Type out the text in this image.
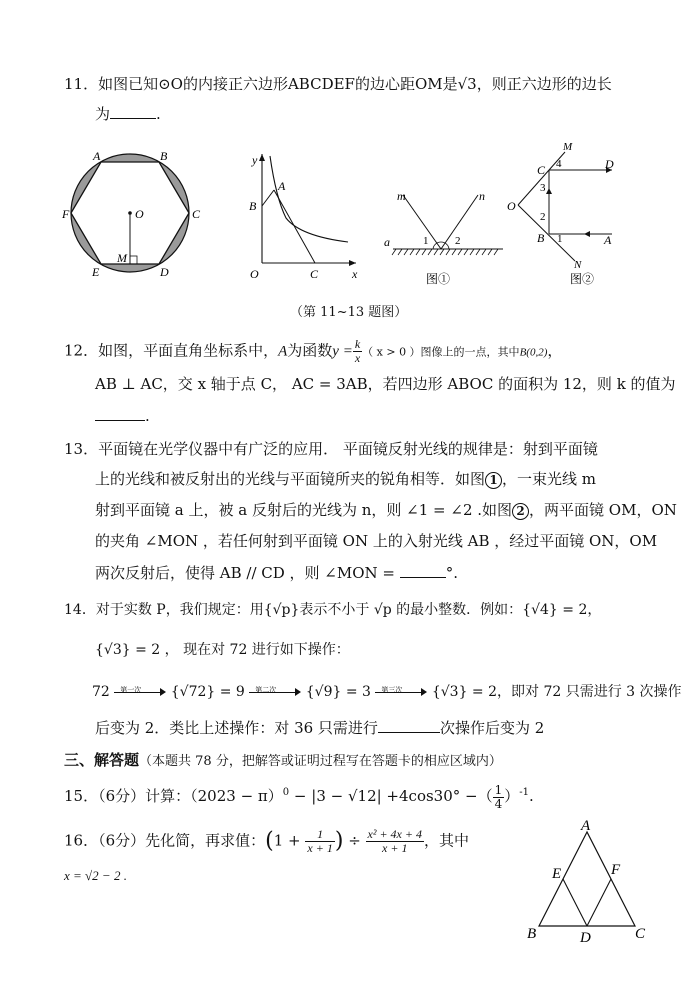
11．如图已知⊙O的内接正六边形ABCDEF的边心距OM是√3，则正六边形的边长
为	.
A	B
C
D
E
F	O
M
y
x
O
A
B
C
m	n
a	1 2
图①
M
C 4	D
3
O
2
B 1	A
N
图②
（第 11~13 题图）
12．如图，平面直角坐标系中，A为函数$y = \frac{k}{x}$ （ x > 0 ）图像上的一点，其中B(0,2)，
AB ⊥ AC，交 x 轴于点 C， AC = 3AB，若四边形 ABOC 的面积为 12，则 k 的值为
.
13．平面镜在光学仪器中有广泛的应用． 平面镜反射光线的规律是：射到平面镜
上的光线和被反射出的光线与平面镜所夹的锐角相等．如图 1 ，一束光线 m
射到平面镜 a 上，被 a 反射后的光线为 n，则 ∠1 = ∠2 .如图 2 ，两平面镜 OM，ON
的夹角 ∠MON ，若任何射到平面镜 ON 上的入射光线 AB ，经过平面镜 ON，OM
两次反射后，使得 AB // CD ，则 ∠MON =	°.
14．对于实数 P，我们规定：用{√p}表示不小于 √p 的最小整数．例如：{√4} = 2，
{√3} = 2 ， 现在对 72 进行如下操作：
72 第一次 {√72} = 9 第二次 {√9} = 3 第三次 {√3} = 2，即对 72 只需进行 3 次操作
后变为 2．类比上述操作：对 36 只需进行	次操作后变为 2
三、解答题（本题共 78 分，把解答或证明过程写在答题卡的相应区域内）
15．（6分）计算：$(2023 - \pi)^0 - |3 - √12| +4\cos 30^\circ$ −（ $\frac{1}{4} )^{-1}$.
16．（6分）先化简，再求值：($1 + \frac{1}{x + 1}$ ) ÷ $\frac{\text{x² + 4x + 4}}{x + 1}$ ，其中
x = √2 − 2 .
A
E	F
B	D	C
